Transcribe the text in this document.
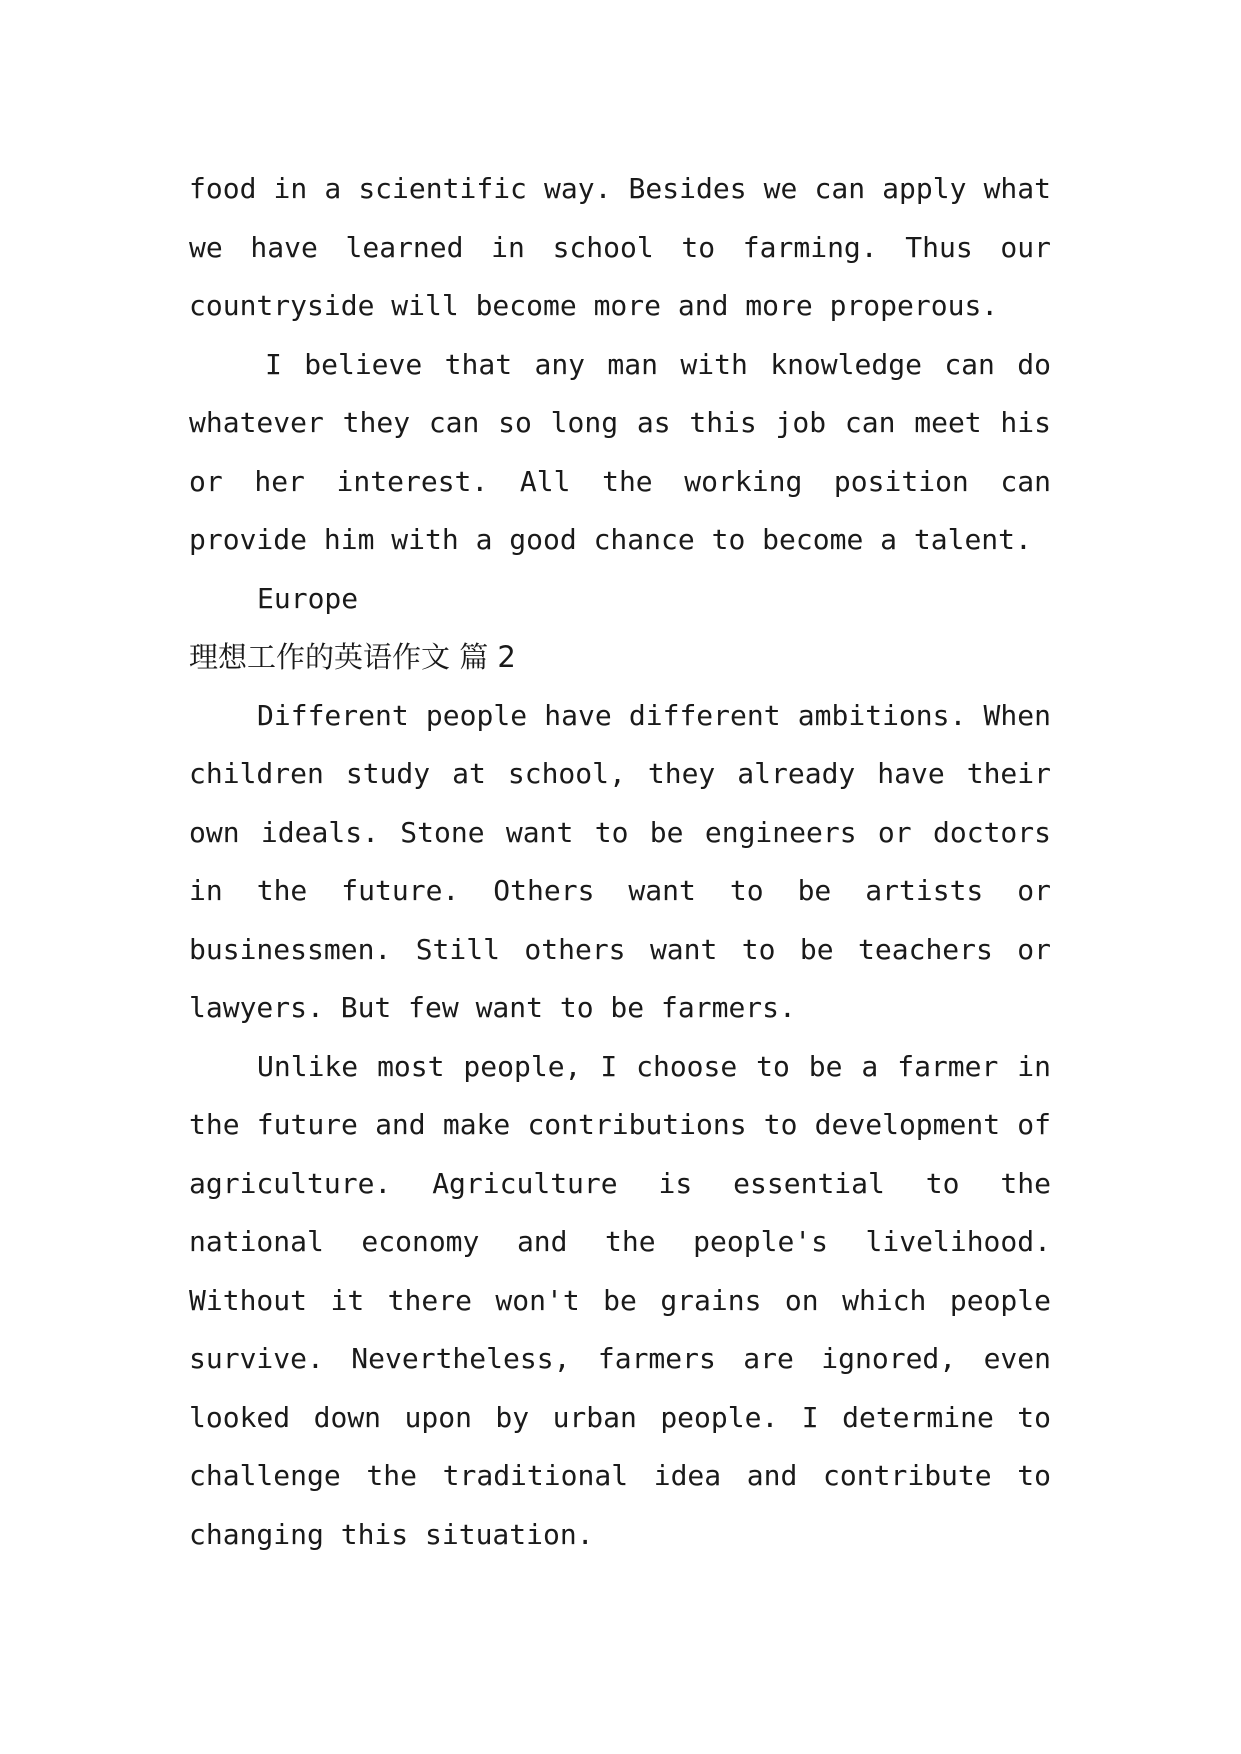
food in a scientific way. Besides we can apply what
we have learned in school to farming. Thus our
countryside will become more and more properous.
I believe that any man with knowledge can do
whatever they can so long as this job can meet his
or her interest. All the working position can
provide him with a good chance to become a talent.
Europe
理想工作的英语作文 篇 2
Different people have different ambitions. When
children study at school, they already have their
own ideals. Stone want to be engineers or doctors
in the future. Others want to be artists or
businessmen. Still others want to be teachers or
lawyers. But few want to be farmers.
Unlike most people, I choose to be a farmer in
the future and make contributions to development of
agriculture. Agriculture is essential to the
national economy and the people's livelihood.
Without it there won't be grains on which people
survive. Nevertheless, farmers are ignored, even
looked down upon by urban people. I determine to
challenge the traditional idea and contribute to
changing this situation.
